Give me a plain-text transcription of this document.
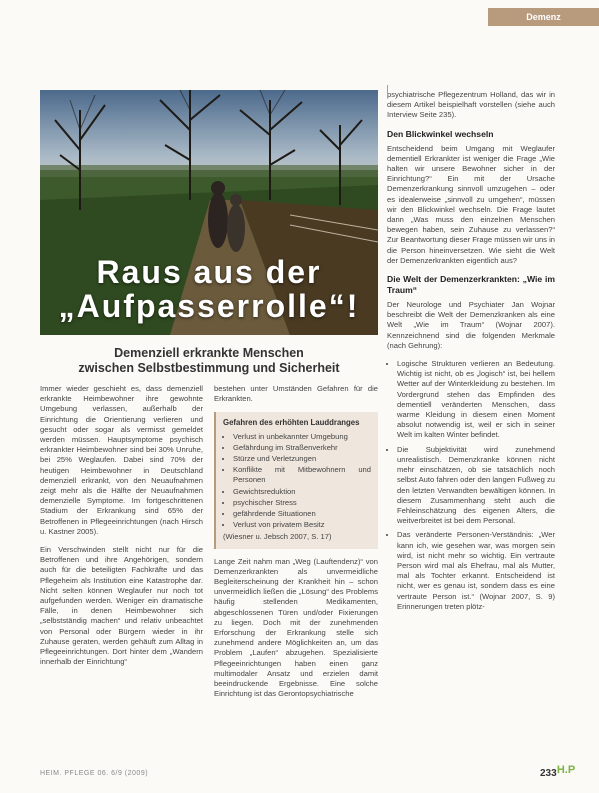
Demenz
Raus aus der
„Aufpasserrolle“!
Demenziell erkrankte Menschen
zwischen Selbstbestimmung und Sicherheit

Immer wieder geschieht es, dass demenziell erkrankte Heimbewohner ihre gewohnte Umgebung verlassen, außerhalb der Einrichtung die Orientierung verlieren und gesucht oder sogar als vermisst gemeldet werden müssen. Hauptsymptome psychisch erkrankter Heimbewohner sind bei 30% Unruhe, bei 25% Weglaufen. Dabei sind 70% der heutigen Heimbewohner in Deutschland demenziell erkrankt, von den Neuaufnahmen zeigt mehr als die Hälfte der Neuaufnahmen demenzielle Symptome. Im fortgeschrittenen Stadium der Erkrankung sind 65% der Betroffenen in Pflegeeinrichtungen (nach Hirsch u. Kastner 2005).

Ein Verschwinden stellt nicht nur für die Betroffenen und ihre Angehörigen, sondern auch für die beteiligten Fachkräfte und das Pflegeheim als Institution eine Katastrophe dar. Nicht selten können Weglaufer nur noch tot aufgefunden werden. Weniger ein dramatische Fälle, in denen Heimbewohner sich „selbstständig machen“ und relativ unbeachtet von Personal oder Bürgern wieder in ihr Zuhause geraten, werden gehäuft zum Alltag in Pflegeeinrichtungen. Dort hinter dem „Wandern innerhalb der Einrichtung“

bestehen unter Umständen Gefahren für die Erkrankten.

Gefahren des erhöhten Lauddranges
• Verlust in unbekannter Umgebung
• Gefährdung im Straßenverkehr
• Stürze und Verletzungen
• Konflikte mit Mitbewohnern und Personen
• Gewichtsreduktion
• psychischer Stress
• gefährdende Situationen
• Verlust von privatem Besitz
(Wiesner u. Jebsch 2007, S. 17)

Lange Zeit nahm man „Weg (Lauftendenz)“ von Demenzerkrankten als unvermeidliche Begleiterscheinung der Krankheit hin – schon unvermeidlich ließen die „Lösung“ des Problems häufig stellenden Medikamenten, abgeschlossenen Türen und/oder Fixierungen zu liegen. Doch mit der zunehmenden Erforschung der Erkrankung stelle sich zunehmend andere Möglichkeiten an, um das Problem „Laufen“ abzugehen. Spezialisierte Pflegeeinrichtungen haben einen ganz multimodaler Ansatz und erzielen damit beeindruckende Ergebnisse. Eine solche Einrichtung ist das Gerontopsychiatrische

psychiatrische Pflegezentrum Holland, das wir in diesem Artikel beispielhaft vorstellen (siehe auch Interview Seite 235).

Den Blickwinkel wechseln

Entscheidend beim Umgang mit Weglaufer dementiell Erkrankter ist weniger die Frage „Wie halten wir unsere Bewohner sicher in der Einrichtung?“ Ein mit der Ursache Demenzerkrankung sinnvoll umzugehen – oder es idealerweise „sinnvoll zu umgehen“, müssen wir den Blickwinkel wechseln. Die Frage lautet dann „Was muss den einzelnen Menschen bewegen haben, sein Zuhause zu verlassen?“ Zur Beantwortung dieser Frage müssen wir uns in die Person hineinversetzen. Wie sieht die Welt der Demenzerkrankten eigentlich aus?

Die Welt der Demenzerkrankten: „Wie im Traum“

Der Neurologe und Psychiater Jan Wojnar beschreibt die Welt der Demenzkranken als eine Welt „Wie im Traum“ (Wojnar 2007). Kennzeichnend sind die folgenden Merkmale (nach Gehrung):

• Logische Strukturen verlieren an Bedeutung. Wichtig ist nicht, ob es „logisch“ ist, bei hellem Wetter auf der Winterkleidung zu bestehen. Im Vordergrund stehen das Empfinden des dementiell veränderten Menschen, dass warme Kleidung in diesem einen Moment absolut notwendig ist, weil er sich in seiner Welt im kalten Winter befindet.
• Die Subjektivität wird zunehmend unrealistisch. Demenzkranke können nicht mehr einschätzen, ob sie tatsächlich noch selbst Auto fahren oder den langen Fußweg zu den letzten Verwandten bewältigen können. In diesem Zusammenhang steht auch die Fehleinschätzung des eigenen Alters, die weitverbreitet ist bei dem Personal.
• Das veränderte Personen-Verständnis: „Wer kann ich, wie gesehen war, was morgen sein wird, ist nicht mehr so wichtig. Ein vertraute Person wird mal als Ehefrau, mal als Mutter, mal als Tochter erkannt. Entscheidend ist nicht, wer es genau ist, sondern dass es eine vertraute Person ist.“ (Wojnar 2007, S. 9) Erinnerungen treten plötz-
HEIM. PFLEGE 06. 6/9 (2009)	233 H.P
